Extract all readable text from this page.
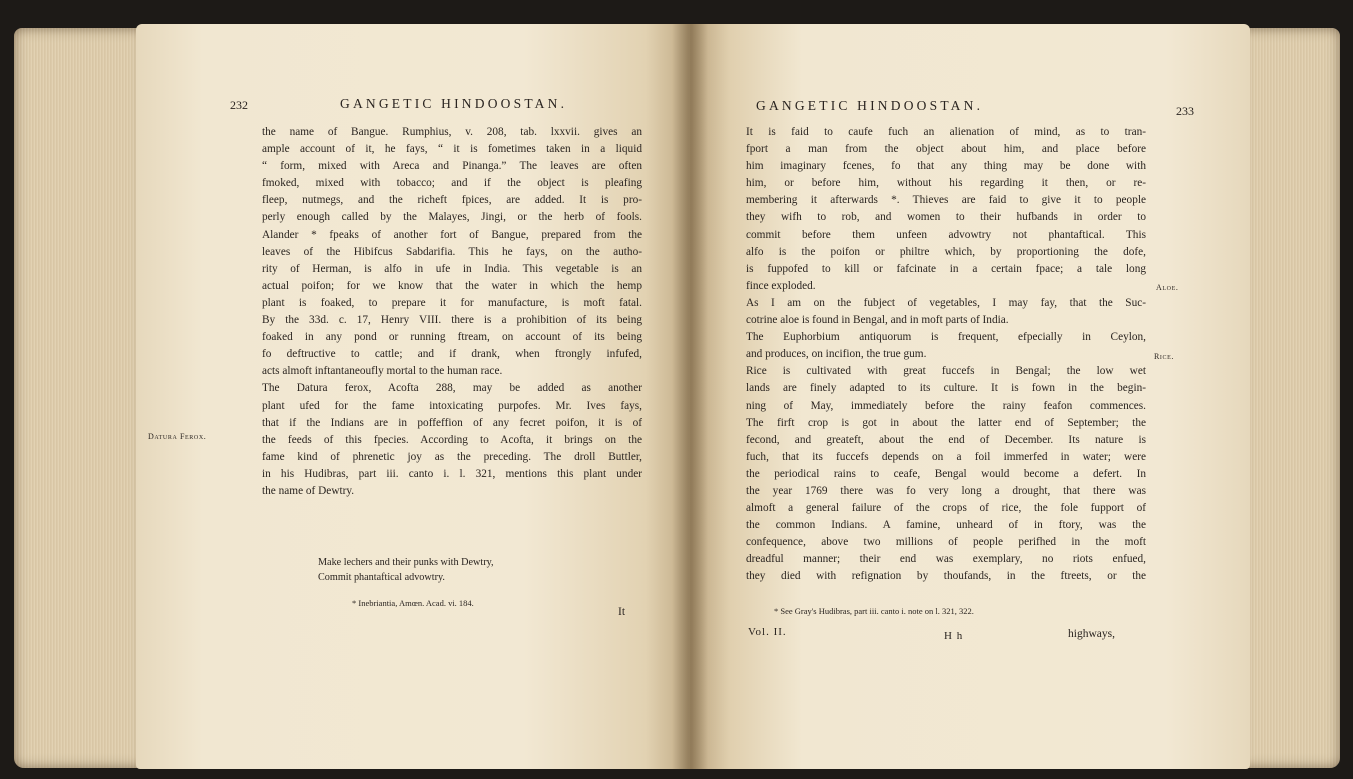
232	GANGETIC HINDOOSTAN.
Datura Ferox.
the name of Bangue. Rumphius, v. 208, tab. lxxvii. gives an
ample account of it, he fays, “ it is fometimes taken in a liquid
“ form, mixed with Areca and Pinanga.” The leaves are often
fmoked, mixed with tobacco; and if the object is pleafing
fleep, nutmegs, and the richeft fpices, are added. It is pro-
perly enough called by the Malayes, Jingi, or the herb of fools.
Alander * fpeaks of another fort of Bangue, prepared from the
leaves of the Hibifcus Sabdarifia. This he fays, on the autho-
rity of Herman, is alfo in ufe in India. This vegetable is an
actual poifon; for we know that the water in which the hemp
plant is foaked, to prepare it for manufacture, is moft fatal.
By the 33d. c. 17, Henry VIII. there is a prohibition of its being
foaked in any pond or running ftream, on account of its being
fo deftructive to cattle; and if drank, when ftrongly infufed,
acts almoft inftantaneoufly mortal to the human race.
The Datura ferox, Acofta 288, may be added as another
plant ufed for the fame intoxicating purpofes. Mr. Ives fays,
that if the Indians are in poffeffion of any fecret poifon, it is of
the feeds of this fpecies. According to Acofta, it brings on the
fame kind of phrenetic joy as the preceding. The droll Buttler,
in his Hudibras, part iii. canto i. l. 321, mentions this plant under
the name of Dewtry.
Make lechers and their punks with Dewtry,
Commit phantaftical advowtry.
* Inebriantia, Amœn. Acad. vi. 184.
It
GANGETIC HINDOOSTAN.	233
It is faid to caufe fuch an alienation of mind, as to tran-
fport a man from the object about him, and place before
him imaginary fcenes, fo that any thing may be done with
him, or before him, without his regarding it then, or re-
membering it afterwards *. Thieves are faid to give it to people
they wifh to rob, and women to their hufbands in order to
commit before them unfeen advowtry not phantaftical. This
alfo is the poifon or philtre which, by proportioning the dofe,
is fuppofed to kill or fafcinate in a certain fpace; a tale long
fince exploded.
As I am on the fubject of vegetables, I may fay, that the Suc-
cotrine aloe is found in Bengal, and in moft parts of India.
The Euphorbium antiquorum is frequent, efpecially in Ceylon,
and produces, on incifion, the true gum.
Rice is cultivated with great fuccefs in Bengal; the low wet
lands are finely adapted to its culture. It is fown in the begin-
ning of May, immediately before the rainy feafon commences.
The firft crop is got in about the latter end of September; the
fecond, and greateft, about the end of December. Its nature is
fuch, that its fuccefs depends on a foil immerfed in water; were
the periodical rains to ceafe, Bengal would become a defert. In
the year 1769 there was fo very long a drought, that there was
almoft a general failure of the crops of rice, the fole fupport of
the common Indians. A famine, unheard of in ftory, was the
confequence, above two millions of people perifhed in the moft
dreadful manner; their end was exemplary, no riots enfued,
they died with refignation by thoufands, in the ftreets, or the
Aloe.
Rice.
* See Gray's Hudibras, part iii. canto i. note on l. 321, 322.
Vol. II.	H h	highways,
